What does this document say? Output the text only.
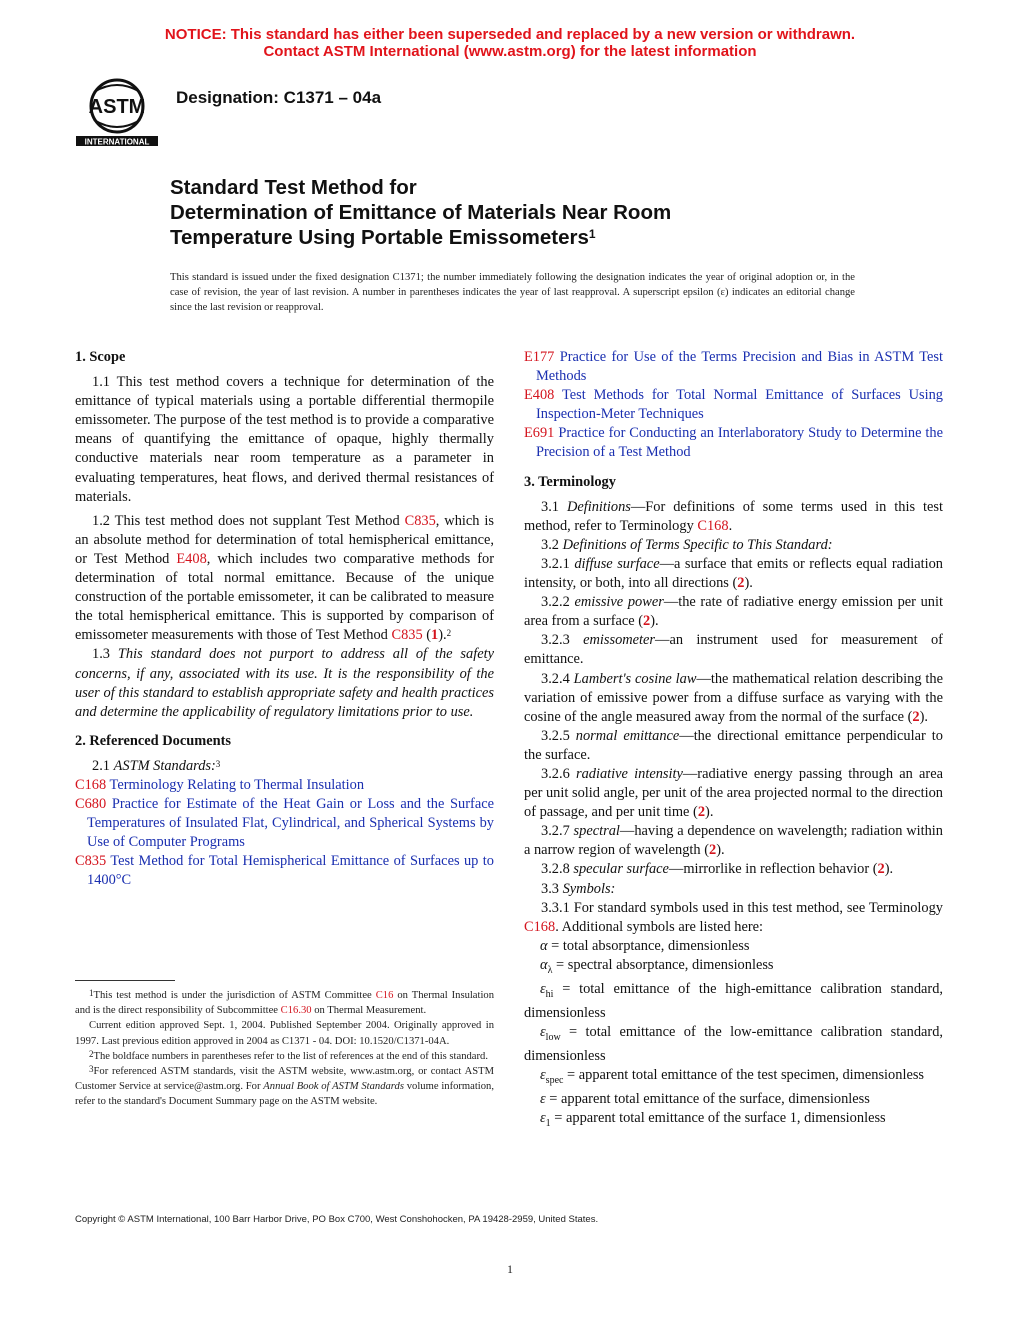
NOTICE: This standard has either been superseded and replaced by a new version or withdrawn.
Contact ASTM International (www.astm.org) for the latest information
ASTM
INTERNATIONAL
Designation: C1371 – 04a
Standard Test Method for
Determination of Emittance of Materials Near Room
Temperature Using Portable Emissometers$^1$
This standard is issued under the fixed designation C1371; the number immediately following the designation indicates the year of original adoption or, in the case of revision, the year of last revision. A number in parentheses indicates the year of last reapproval. A superscript epsilon (ε) indicates an editorial change since the last revision or reapproval.
1. Scope

1.1 This test method covers a technique for determination of the emittance of typical materials using a portable differential thermopile emissometer. The purpose of the test method is to provide a comparative means of quantifying the emittance of opaque, highly thermally conductive materials near room temperature as a parameter in evaluating temperatures, heat flows, and derived thermal resistances of materials.

1.2 This test method does not supplant Test Method C835, which is an absolute method for determination of total hemispherical emittance, or Test Method E408, which includes two comparative methods for determination of total normal emittance. Because of the unique construction of the portable emissometer, it can be calibrated to measure the total hemispherical emittance. This is supported by comparison of emissometer measurements with those of Test Method C835 (1).$^2$

1.3 This standard does not purport to address all of the safety concerns, if any, associated with its use. It is the responsibility of the user of this standard to establish appropriate safety and health practices and determine the applicability of regulatory limitations prior to use.

2. Referenced Documents

2.1 ASTM Standards:$^3$

C168 Terminology Relating to Thermal Insulation

C680 Practice for Estimate of the Heat Gain or Loss and the Surface Temperatures of Insulated Flat, Cylindrical, and Spherical Systems by Use of Computer Programs

C835 Test Method for Total Hemispherical Emittance of Surfaces up to 1400°C

$^1$This test method is under the jurisdiction of ASTM Committee C16 on Thermal Insulation and is the direct responsibility of Subcommittee C16.30 on Thermal Measurement.

Current edition approved Sept. 1, 2004. Published September 2004. Originally approved in 1997. Last previous edition approved in 2004 as C1371 - 04. DOI: 10.1520/C1371-04A.

$^2$The boldface numbers in parentheses refer to the list of references at the end of this standard.

$^3$For referenced ASTM standards, visit the ASTM website, www.astm.org, or contact ASTM Customer Service at service@astm.org. For Annual Book of ASTM Standards volume information, refer to the standard's Document Summary page on the ASTM website.

E177 Practice for Use of the Terms Precision and Bias in ASTM Test Methods

E408 Test Methods for Total Normal Emittance of Surfaces Using Inspection-Meter Techniques

E691 Practice for Conducting an Interlaboratory Study to Determine the Precision of a Test Method

3. Terminology

3.1 Definitions—For definitions of some terms used in this test method, refer to Terminology C168.

3.2 Definitions of Terms Specific to This Standard:

3.2.1 diffuse surface—a surface that emits or reflects equal radiation intensity, or both, into all directions (2).

3.2.2 emissive power—the rate of radiative energy emission per unit area from a surface (2).

3.2.3 emissometer—an instrument used for measurement of emittance.

3.2.4 Lambert's cosine law—the mathematical relation describing the variation of emissive power from a diffuse surface as varying with the cosine of the angle measured away from the normal of the surface (2).

3.2.5 normal emittance—the directional emittance perpendicular to the surface.

3.2.6 radiative intensity—radiative energy passing through an area per unit solid angle, per unit of the area projected normal to the direction of passage, and per unit time (2).

3.2.7 spectral—having a dependence on wavelength; radiation within a narrow region of wavelength (2).

3.2.8 specular surface—mirrorlike in reflection behavior (2).

3.3 Symbols:

3.3.1 For standard symbols used in this test method, see Terminology C168. Additional symbols are listed here:

α = total absorptance, dimensionless

$\alpha_\lambda$ = spectral absorptance, dimensionless

$\varepsilon_{hi}$ = total emittance of the high-emittance calibration standard, dimensionless

$\varepsilon_{low}$ = total emittance of the low-emittance calibration standard, dimensionless

$\varepsilon_{spec}$ = apparent total emittance of the test specimen, dimensionless

ε = apparent total emittance of the surface, dimensionless

$\varepsilon_1$ = apparent total emittance of the surface 1, dimensionless

Copyright © ASTM International, 100 Barr Harbor Drive, PO Box C700, West Conshohocken, PA 19428-2959, United States.
1
